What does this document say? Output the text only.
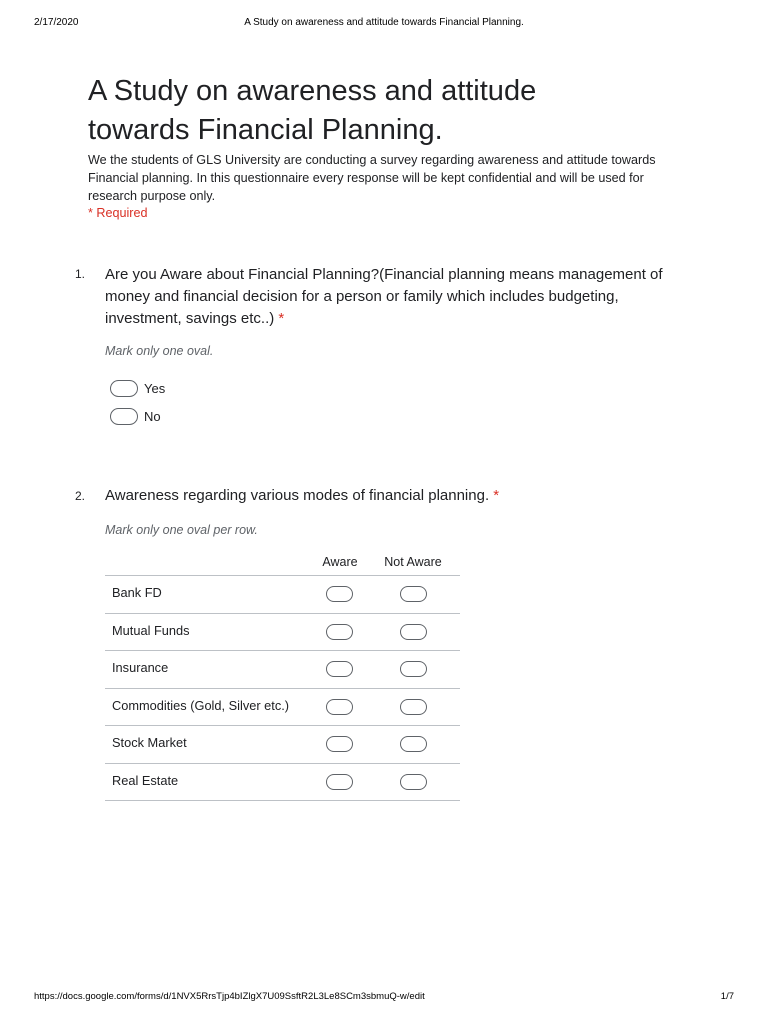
2/17/2020	A Study on awareness and attitude towards Financial Planning.
A Study on awareness and attitude
towards Financial Planning.

We the students of GLS University are conducting a survey regarding awareness and attitude towards Financial planning. In this questionnaire every response will be kept confidential and will be used for research purpose only.

* Required
1. Are you Aware about Financial Planning?(Financial planning means management of money and financial decision for a person or family which includes budgeting, investment, savings etc..) *
Mark only one oval.
Yes
No
2. Awareness regarding various modes of financial planning. *
Mark only one oval per row.
Aware	Not Aware
Bank FD
Mutual Funds
Insurance
Commodities (Gold, Silver etc.)
Stock Market
Real Estate
https://docs.google.com/forms/d/1NVX5RrsTjp4bIZlgX7U09SsftR2L3Le8SCm3sbmuQ-w/edit	1/7
